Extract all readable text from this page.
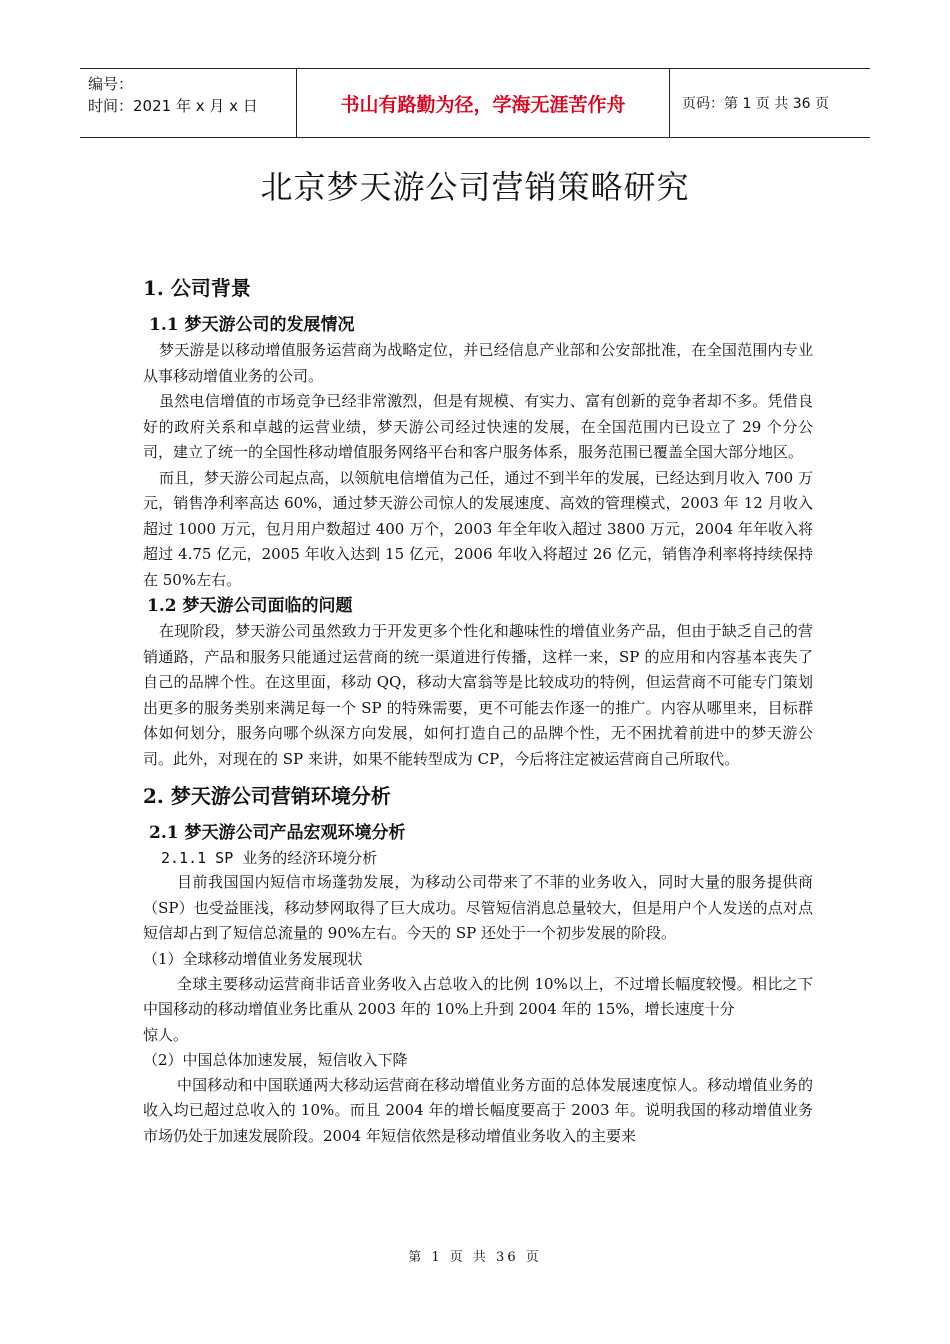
编号：
时间：2021 年 x 月 x 日	书山有路勤为径，学海无涯苦作舟	页码：第 1 页 共 36 页
北京梦天游公司营销策略研究
1. 公司背景
1.1 梦天游公司的发展情况

梦天游是以移动增值服务运营商为战略定位，并已经信息产业部和公安部批准，在全国范围内专业从事移动增值业务的公司。

虽然电信增值的市场竞争已经非常激烈，但是有规模、有实力、富有创新的竞争者却不多。凭借良好的政府关系和卓越的运营业绩，梦天游公司经过快速的发展，在全国范围内已设立了 29 个分公司，建立了统一的全国性移动增值服务网络平台和客户服务体系，服务范围已覆盖全国大部分地区。

而且，梦天游公司起点高，以领航电信增值为己任，通过不到半年的发展，已经达到月收入 700 万元，销售净利率高达 60%，通过梦天游公司惊人的发展速度、高效的管理模式，2003 年 12 月收入超过 1000 万元，包月用户数超过 400 万个，2003 年全年收入超过 3800 万元，2004 年年收入将超过 4.75 亿元，2005 年收入达到 15 亿元，2006 年收入将超过 26 亿元，销售净利率将持续保持在 50%左右。

1.2 梦天游公司面临的问题

在现阶段，梦天游公司虽然致力于开发更多个性化和趣味性的增值业务产品，但由于缺乏自己的营销通路，产品和服务只能通过运营商的统一渠道进行传播，这样一来，SP 的应用和内容基本丧失了自己的品牌个性。在这里面，移动 QQ，移动大富翁等是比较成功的特例，但运营商不可能专门策划出更多的服务类别来满足每一个 SP 的特殊需要，更不可能去作逐一的推广。内容从哪里来，目标群体如何划分，服务向哪个纵深方向发展，如何打造自己的品牌个性，无不困扰着前进中的梦天游公司。此外，对现在的 SP 来讲，如果不能转型成为 CP，今后将注定被运营商自己所取代。

2. 梦天游公司营销环境分析
2.1 梦天游公司产品宏观环境分析
2.1.1 SP 业务的经济环境分析

目前我国国内短信市场蓬勃发展，为移动公司带来了不菲的业务收入，同时大量的服务提供商（SP）也受益匪浅，移动梦网取得了巨大成功。尽管短信消息总量较大，但是用户个人发送的点对点短信却占到了短信总流量的 90%左右。今天的 SP 还处于一个初步发展的阶段。

（1）全球移动增值业务发展现状

全球主要移动运营商非话音业务收入占总收入的比例 10%以上，不过增长幅度较慢。相比之下中国移动的移动增值业务比重从 2003 年的 10%上升到 2004 年的 15%，增长速度十分

惊人。

（2）中国总体加速发展，短信收入下降

中国移动和中国联通两大移动运营商在移动增值业务方面的总体发展速度惊人。移动增值业务的收入均已超过总收入的 10%。而且 2004 年的增长幅度要高于 2003 年。说明我国的移动增值业务市场仍处于加速发展阶段。2004 年短信依然是移动增值业务收入的主要来

第 1 页 共 36 页
